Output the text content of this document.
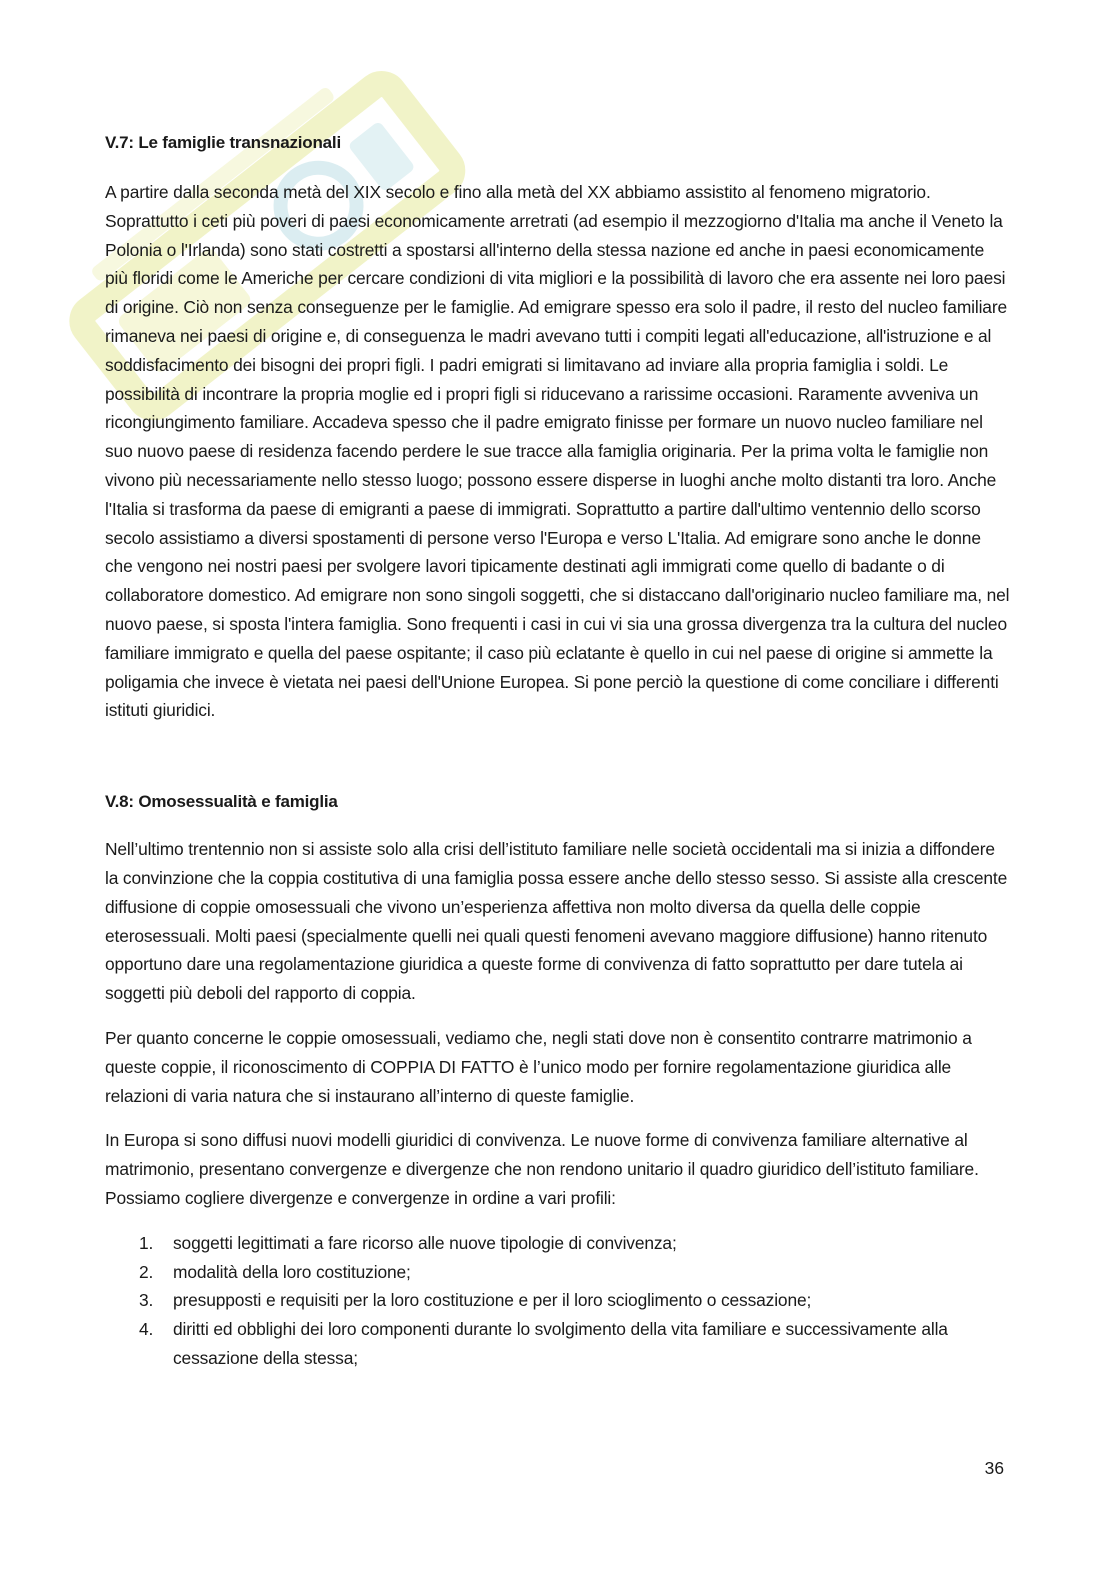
V.7: Le famiglie transnazionali

A partire dalla seconda metà del XIX secolo e fino alla metà del XX abbiamo assistito al fenomeno migratorio. Soprattutto i ceti più poveri di paesi economicamente arretrati (ad esempio il mezzogiorno d'Italia ma anche il Veneto la Polonia o l'Irlanda) sono stati costretti a spostarsi all'interno della stessa nazione ed anche in paesi economicamente più floridi come le Americhe per cercare condizioni di vita migliori e la possibilità di lavoro che era assente nei loro paesi di origine. Ciò non senza conseguenze per le famiglie. Ad emigrare spesso era solo il padre, il resto del nucleo familiare rimaneva nei paesi di origine e, di conseguenza le madri avevano tutti i compiti legati all'educazione, all'istruzione e al soddisfacimento dei bisogni dei propri figli. I padri emigrati si limitavano ad inviare alla propria famiglia i soldi. Le possibilità di incontrare la propria moglie ed i propri figli si riducevano a rarissime occasioni. Raramente avveniva un ricongiungimento familiare. Accadeva spesso che il padre emigrato finisse per formare un nuovo nucleo familiare nel suo nuovo paese di residenza facendo perdere le sue tracce alla famiglia originaria. Per la prima volta le famiglie non vivono più necessariamente nello stesso luogo; possono essere disperse in luoghi anche molto distanti tra loro. Anche l'Italia si trasforma da paese di emigranti a paese di immigrati. Soprattutto a partire dall'ultimo ventennio dello scorso secolo assistiamo a diversi spostamenti di persone verso l'Europa e verso L'Italia. Ad emigrare sono anche le donne che vengono nei nostri paesi per svolgere lavori tipicamente destinati agli immigrati come quello di badante o di collaboratore domestico. Ad emigrare non sono singoli soggetti, che si distaccano dall'originario nucleo familiare ma, nel nuovo paese, si sposta l'intera famiglia. Sono frequenti i casi in cui vi sia una grossa divergenza tra la cultura del nucleo familiare immigrato e quella del paese ospitante; il caso più eclatante è quello in cui nel paese di origine si ammette la poligamia che invece è vietata nei paesi dell'Unione Europea. Si pone perciò la questione di come conciliare i differenti istituti giuridici.

V.8: Omosessualità e famiglia

Nell’ultimo trentennio non si assiste solo alla crisi dell’istituto familiare nelle società occidentali ma si inizia a diffondere la convinzione che la coppia costitutiva di una famiglia possa essere anche dello stesso sesso. Si assiste alla crescente diffusione di coppie omosessuali che vivono un’esperienza affettiva non molto diversa da quella delle coppie eterosessuali. Molti paesi (specialmente quelli nei quali questi fenomeni avevano maggiore diffusione) hanno ritenuto opportuno dare una regolamentazione giuridica a queste forme di convivenza di fatto soprattutto per dare tutela ai soggetti più deboli del rapporto di coppia.

Per quanto concerne le coppie omosessuali, vediamo che, negli stati dove non è consentito contrarre matrimonio a queste coppie, il riconoscimento di COPPIA DI FATTO è l’unico modo per fornire regolamentazione giuridica alle relazioni di varia natura che si instaurano all’interno di queste famiglie.

In Europa si sono diffusi nuovi modelli giuridici di convivenza. Le nuove forme di convivenza familiare alternative al matrimonio, presentano convergenze e divergenze che non rendono unitario il quadro giuridico dell’istituto familiare. Possiamo cogliere divergenze e convergenze in ordine a vari profili:

1. soggetti legittimati a fare ricorso alle nuove tipologie di convivenza;
2. modalità della loro costituzione;
3. presupposti e requisiti per la loro costituzione e per il loro scioglimento o cessazione;
4. diritti ed obblighi dei loro componenti durante lo svolgimento della vita familiare e successivamente alla cessazione della stessa;
36
